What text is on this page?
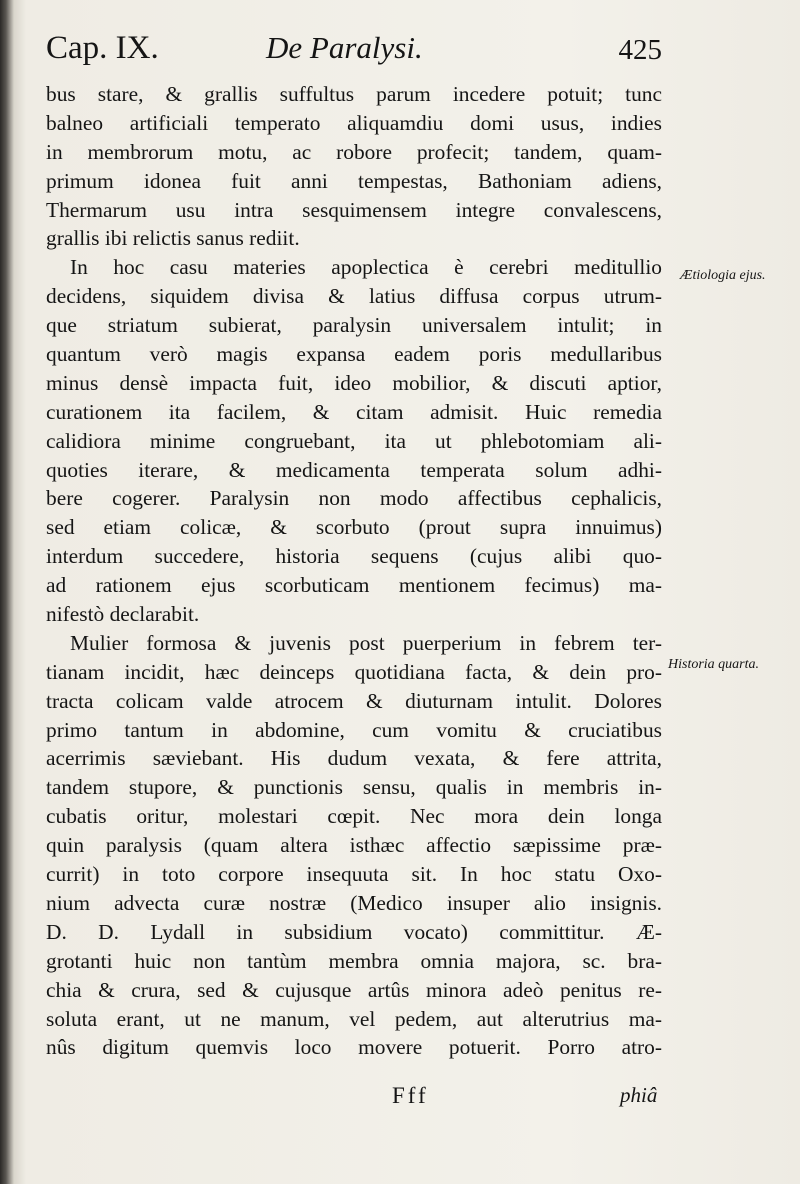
Cap. IX.	De Paralysi.	425
bus stare, & grallis suffultus parum incedere potuit; tunc
balneo artificiali temperato aliquamdiu domi usus, indies
in membrorum motu, ac robore profecit; tandem, quam-
primum idonea fuit anni tempestas, Bathoniam adiens,
Thermarum usu intra sesquimensem integre convalescens,
grallis ibi relictis sanus rediit.
In hoc casu materies apoplectica è cerebri meditullio
decidens, siquidem divisa & latius diffusa corpus utrum-
que striatum subierat, paralysin universalem intulit; in
quantum verò magis expansa eadem poris medullaribus
minus densè impacta fuit, ideo mobilior, & discuti aptior,
curationem ita facilem, & citam admisit. Huic remedia
calidiora minime congruebant, ita ut phlebotomiam ali-
quoties iterare, & medicamenta temperata solum adhi-
bere cogerer. Paralysin non modo affectibus cephalicis,
sed etiam colicæ, & scorbuto (prout supra innuimus)
interdum succedere, historia sequens (cujus alibi quo-
ad rationem ejus scorbuticam mentionem fecimus) ma-
nifestò declarabit.
Mulier formosa & juvenis post puerperium in febrem ter-
tianam incidit, hæc deinceps quotidiana facta, & dein pro-
tracta colicam valde atrocem & diuturnam intulit. Dolores
primo tantum in abdomine, cum vomitu & cruciatibus
acerrimis sæviebant. His dudum vexata, & fere attrita,
tandem stupore, & punctionis sensu, qualis in membris in-
cubatis oritur, molestari cœpit. Nec mora dein longa
quin paralysis (quam altera isthæc affectio sæpissime præ-
currit) in toto corpore insequuta sit. In hoc statu Oxo-
nium advecta curæ nostræ (Medico insuper alio insignis.
D. D. Lydall in subsidium vocato) committitur. Æ-
grotanti huic non tantùm membra omnia majora, sc. bra-
chia & crura, sed & cujusque artûs minora adeò penitus re-
soluta erant, ut ne manum, vel pedem, aut alterutrius ma-
nûs digitum quemvis loco movere potuerit. Porro atro-
Ætiologia ejus.
Historia quarta.
Fff	phiâ
